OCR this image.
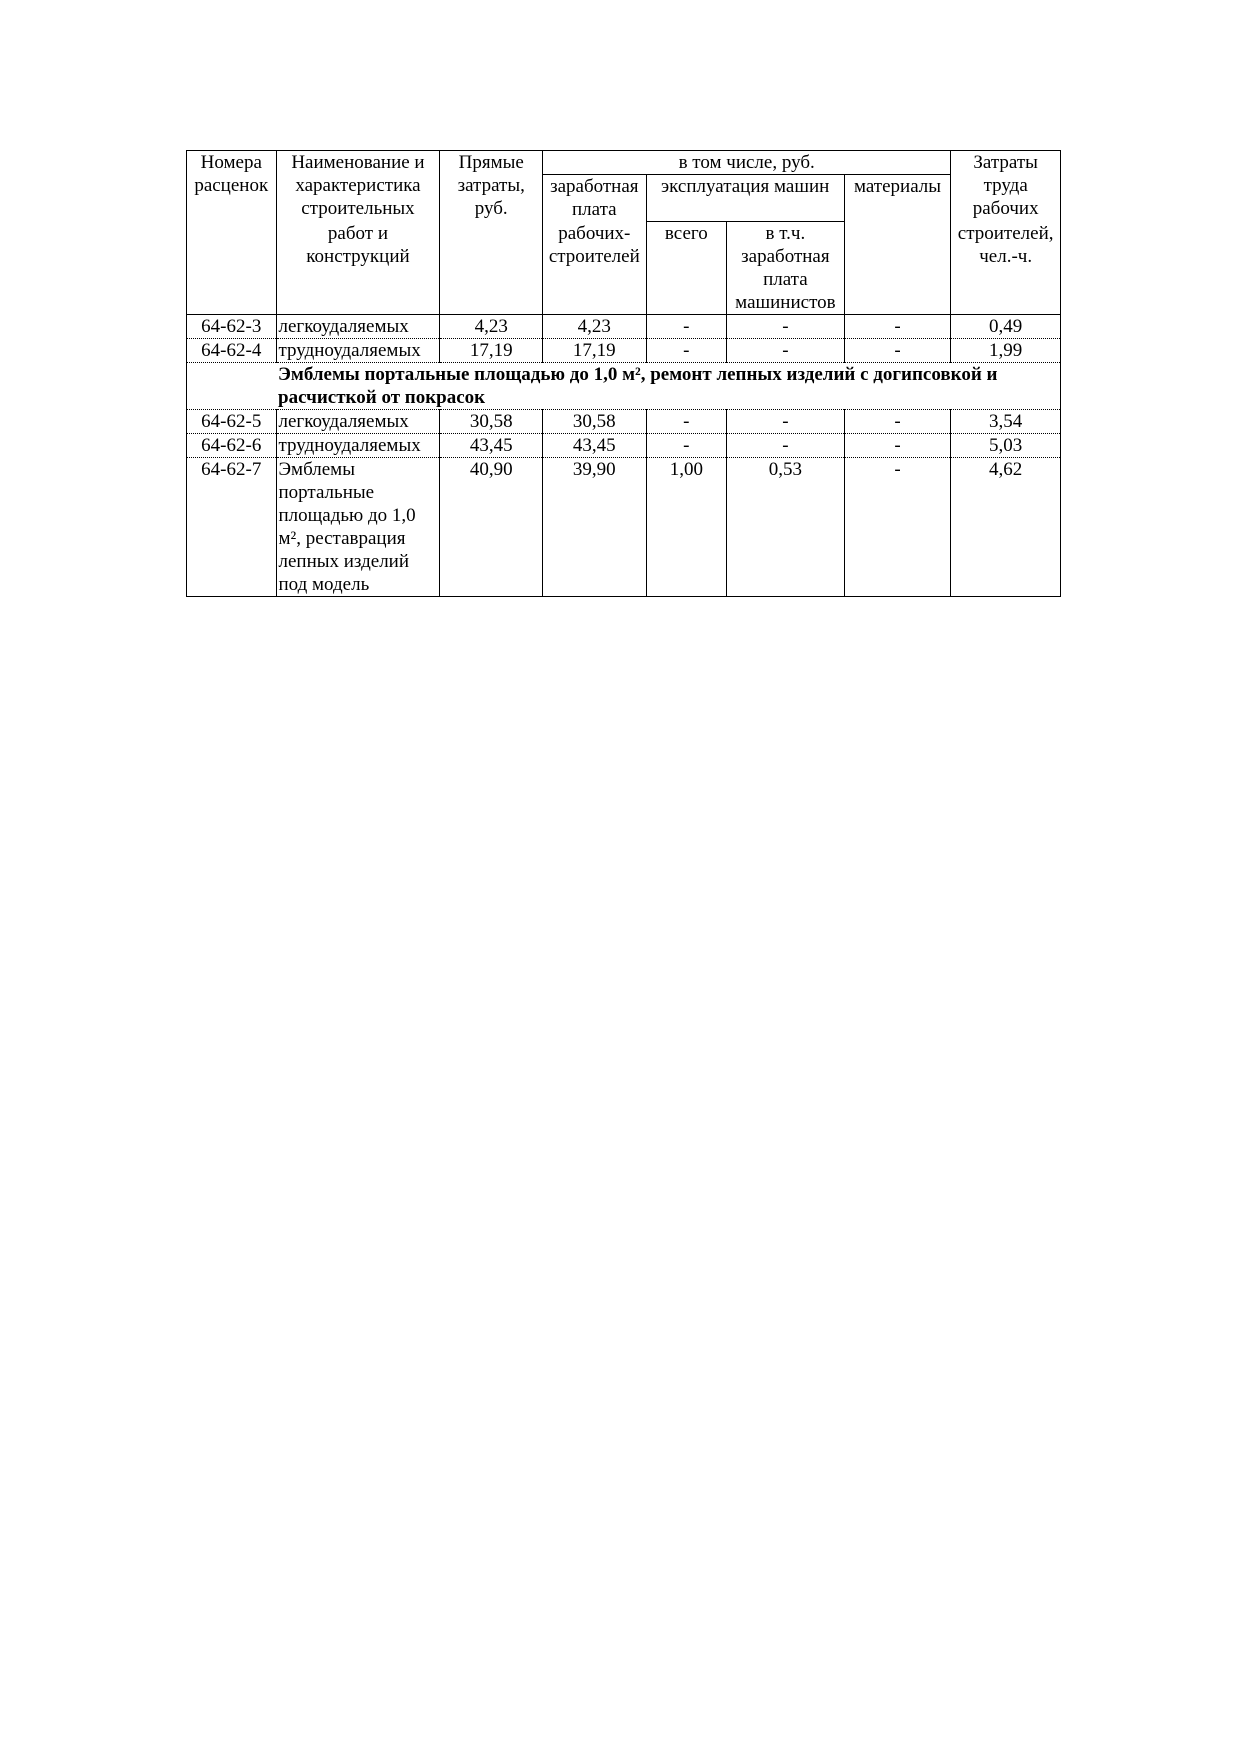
Номера расценок	Наименование и характеристика строительных	Прямые затраты, руб.	в том числе, руб.				Затраты труда рабочих
			заработная плата	эксплуатация машин		материалы	
	работ и конструкций		рабочих-строителей	всего	в т.ч. заработная плата машинистов		строителей, чел.-ч.
64-62-3	легкоудаляемых	4,23	4,23	-	-	-	0,49
64-62-4	трудноудаляемых	17,19	17,19	-	-	-	1,99
	Эмблемы портальные площадью до 1,0 м², ремонт лепных изделий с догипсовкой и расчисткой от покрасок						
64-62-5	легкоудаляемых	30,58	30,58	-	-	-	3,54
64-62-6	трудноудаляемых	43,45	43,45	-	-	-	5,03
64-62-7	Эмблемы портальные площадью до 1,0 м², реставрация лепных изделий под модель	40,90	39,90	1,00	0,53	-	4,62
